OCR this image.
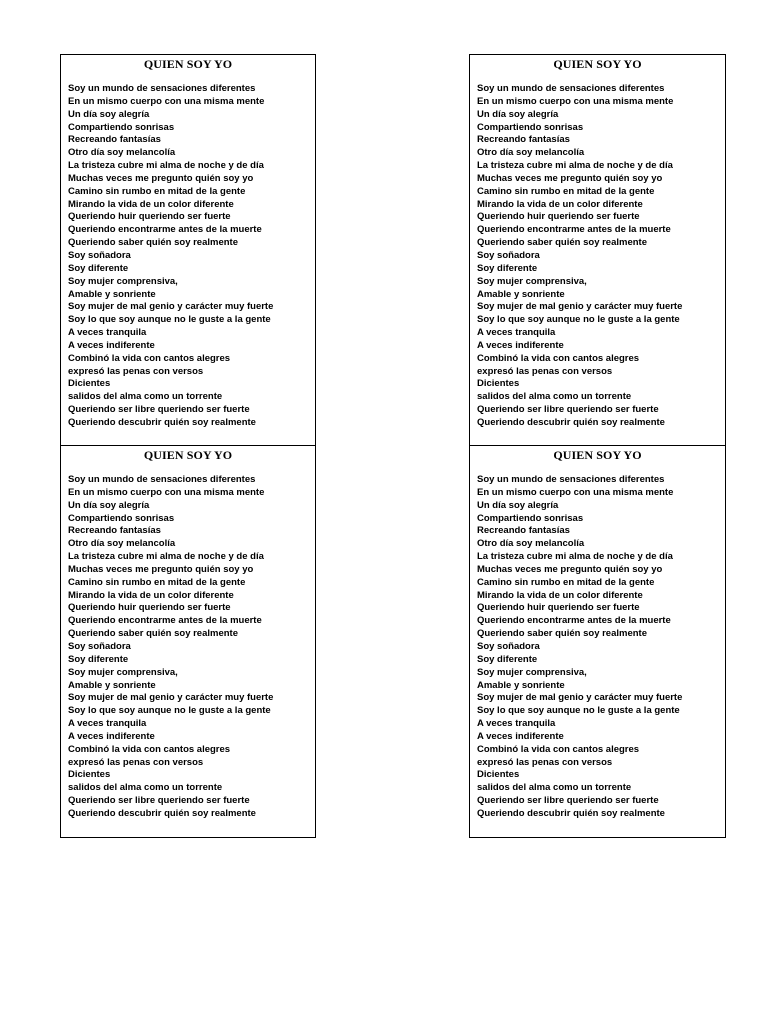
QUIEN SOY YO
Soy un mundo de sensaciones diferentes
En un mismo cuerpo con una misma mente
Un día soy alegría
Compartiendo sonrisas
Recreando fantasías
Otro día soy melancolía
La tristeza cubre mi alma de noche y de día
Muchas veces me pregunto quién soy yo
Camino sin rumbo en mitad de la gente
Mirando la vida de un color diferente
Queriendo huir queriendo ser fuerte
Queriendo encontrarme antes de la muerte
Queriendo saber quién soy realmente
Soy soñadora
Soy diferente
Soy mujer comprensiva,
Amable y sonriente
Soy mujer de mal genio y carácter muy fuerte
Soy lo que soy aunque no le guste a la gente
A veces tranquila
A veces indiferente
Combinó la vida con cantos alegres
expresó las penas con versos
Dicientes
salidos del alma como un torrente
Queriendo ser libre queriendo ser fuerte
Queriendo descubrir quién soy realmente
QUIEN SOY YO
Soy un mundo de sensaciones diferentes
En un mismo cuerpo con una misma mente
Un día soy alegría
Compartiendo sonrisas
Recreando fantasías
Otro día soy melancolía
La tristeza cubre mi alma de noche y de día
Muchas veces me pregunto quién soy yo
Camino sin rumbo en mitad de la gente
Mirando la vida de un color diferente
Queriendo huir queriendo ser fuerte
Queriendo encontrarme antes de la muerte
Queriendo saber quién soy realmente
Soy soñadora
Soy diferente
Soy mujer comprensiva,
Amable y sonriente
Soy mujer de mal genio y carácter muy fuerte
Soy lo que soy aunque no le guste a la gente
A veces tranquila
A veces indiferente
Combinó la vida con cantos alegres
expresó las penas con versos
Dicientes
salidos del alma como un torrente
Queriendo ser libre queriendo ser fuerte
Queriendo descubrir quién soy realmente
QUIEN SOY YO
Soy un mundo de sensaciones diferentes
En un mismo cuerpo con una misma mente
Un día soy alegría
Compartiendo sonrisas
Recreando fantasías
Otro día soy melancolía
La tristeza cubre mi alma de noche y de día
Muchas veces me pregunto quién soy yo
Camino sin rumbo en mitad de la gente
Mirando la vida de un color diferente
Queriendo huir queriendo ser fuerte
Queriendo encontrarme antes de la muerte
Queriendo saber quién soy realmente
Soy soñadora
Soy diferente
Soy mujer comprensiva,
Amable y sonriente
Soy mujer de mal genio y carácter muy fuerte
Soy lo que soy aunque no le guste a la gente
A veces tranquila
A veces indiferente
Combinó la vida con cantos alegres
expresó las penas con versos
Dicientes
salidos del alma como un torrente
Queriendo ser libre queriendo ser fuerte
Queriendo descubrir quién soy realmente
QUIEN SOY YO
Soy un mundo de sensaciones diferentes
En un mismo cuerpo con una misma mente
Un día soy alegría
Compartiendo sonrisas
Recreando fantasías
Otro día soy melancolía
La tristeza cubre mi alma de noche y de día
Muchas veces me pregunto quién soy yo
Camino sin rumbo en mitad de la gente
Mirando la vida de un color diferente
Queriendo huir queriendo ser fuerte
Queriendo encontrarme antes de la muerte
Queriendo saber quién soy realmente
Soy soñadora
Soy diferente
Soy mujer comprensiva,
Amable y sonriente
Soy mujer de mal genio y carácter muy fuerte
Soy lo que soy aunque no le guste a la gente
A veces tranquila
A veces indiferente
Combinó la vida con cantos alegres
expresó las penas con versos
Dicientes
salidos del alma como un torrente
Queriendo ser libre queriendo ser fuerte
Queriendo descubrir quién soy realmente
